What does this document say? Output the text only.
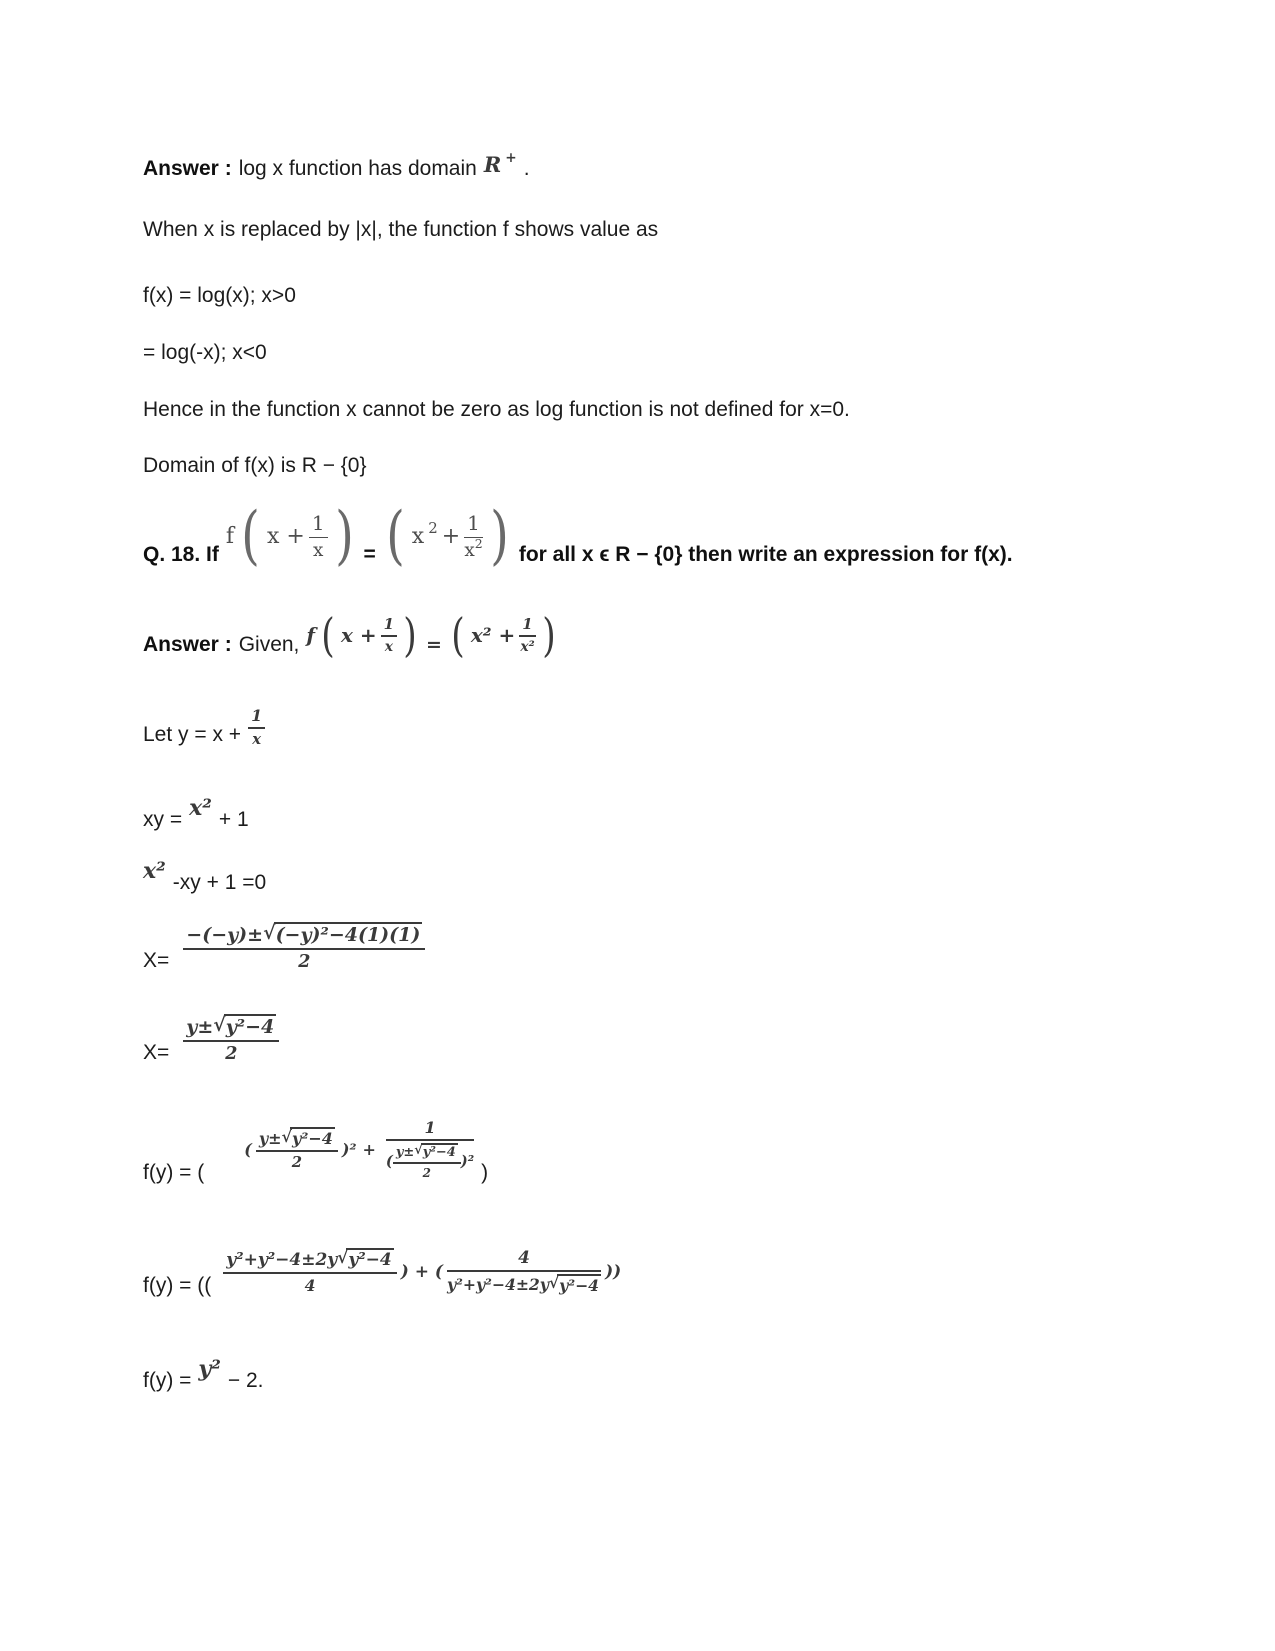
Answer : log x function has domain R + .
When x is replaced by |x|, the function f shows value as
f(x) = log(x); x>0
= log(-x); x<0
Hence in the function x cannot be zero as log function is not defined for x=0.
Domain of f(x) is R − {0}
Q. 18. If
f ( $x + \frac{1}{x}$ ) = ( x $2 + \frac{1}{x 2}$ ) for all x ϵ R − {0} then write an expression for f(x).
Answer : Given, f ( $x + \frac{1}{x}$ ) = ( $x^2 + \frac{1}{\text{x²}}$ )
Let $y = x + \frac{1}{x}$
xy = x² + 1
x² -xy + 1 =0
$X= \frac{\text{−(−y)± √ (−y)²−4(1)(1)}}{2}$
$X= \frac{\text{y± √ y²−4}}{2}$
f(y) = (
( $\frac{\text{y± √ y²−4}}{2} )^2$ +
1
( $\frac{\text{y± √ y²−4}}{2} )^2$ )
f(y) = (( $\frac{\text{y²+y²−4±2y √ y²−4}}{4}$ ) + ( $\frac{4}{\text{y²+y²−4±2y √ y²−4}}$ ))
f(y) = y² − 2.
